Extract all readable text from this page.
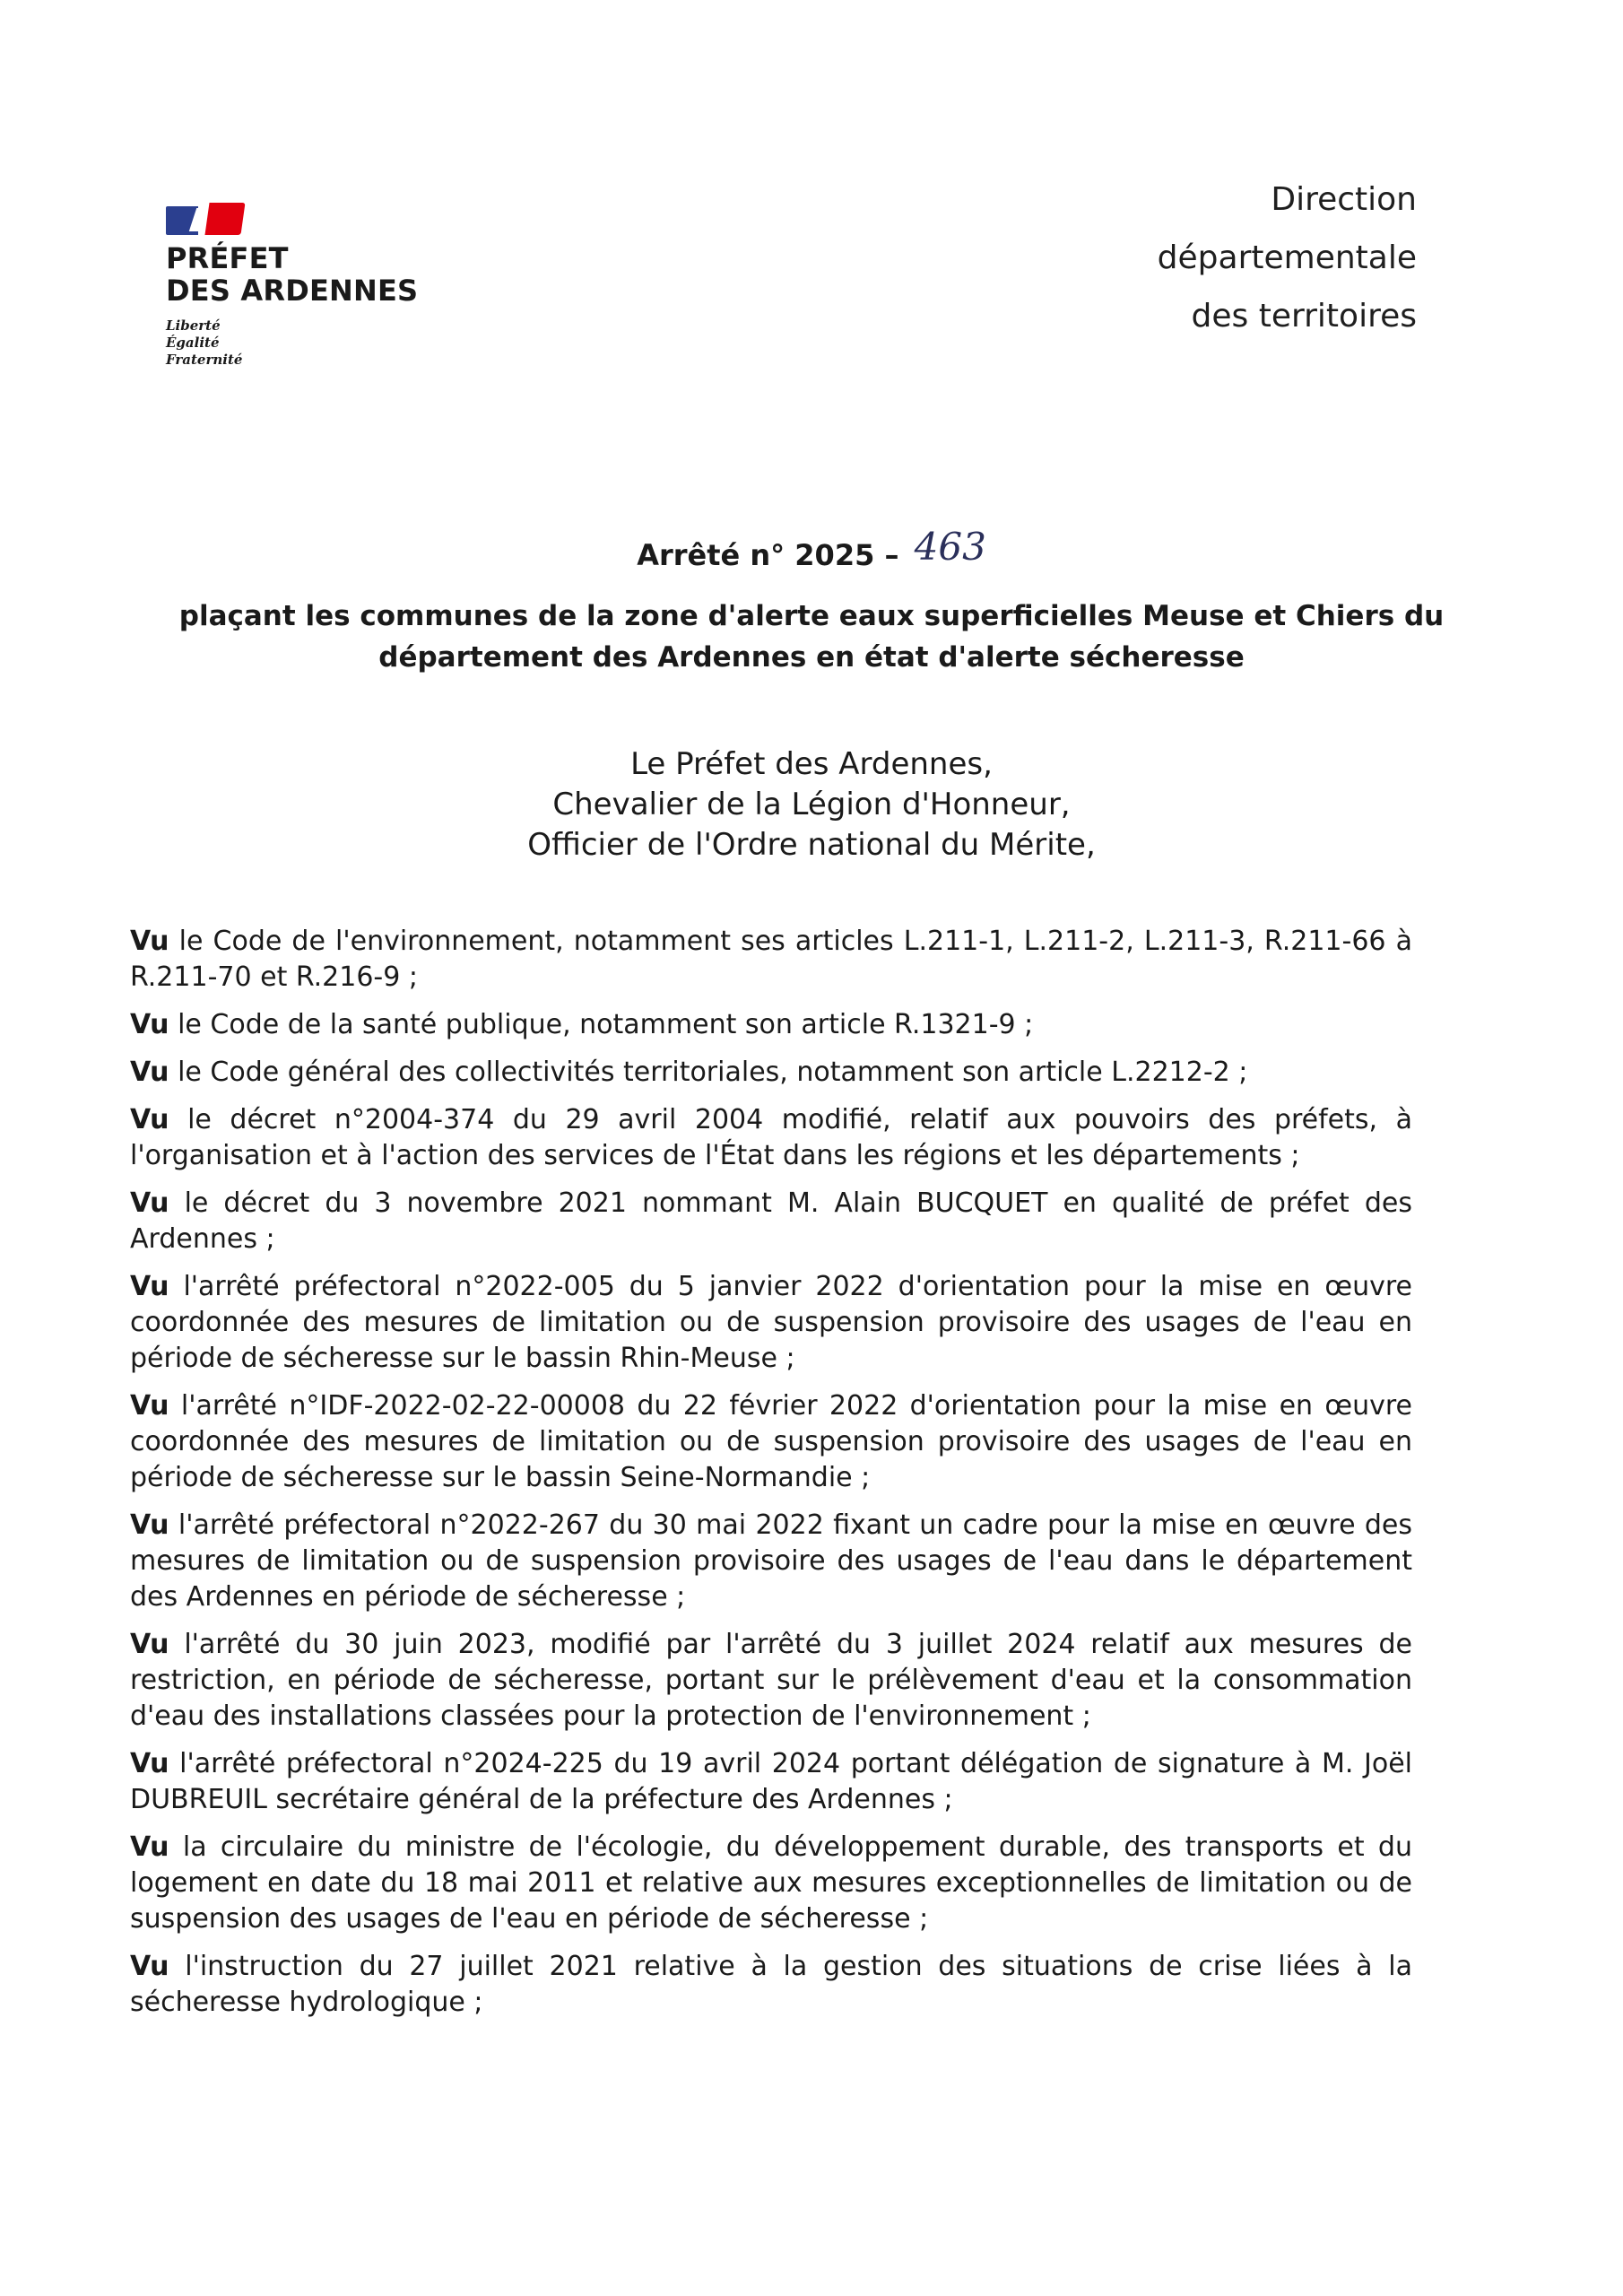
PRÉFET
DES ARDENNES
Liberté
Égalité
Fraternité
Direction
départementale
des territoires
Arrêté n° 2025 – 463
plaçant les communes de la zone d'alerte eaux superficielles Meuse et Chiers du département des Ardennes en état d'alerte sécheresse
Le Préfet des Ardennes,
Chevalier de la Légion d'Honneur,
Officier de l'Ordre national du Mérite,

Vu le Code de l'environnement, notamment ses articles L.211-1, L.211-2, L.211-3, R.211-66 à R.211-70 et R.216-9 ;

Vu le Code de la santé publique, notamment son article R.1321-9 ;

Vu le Code général des collectivités territoriales, notamment son article L.2212-2 ;

Vu le décret n°2004-374 du 29 avril 2004 modifié, relatif aux pouvoirs des préfets, à l'organisation et à l'action des services de l'État dans les régions et les départements ;

Vu le décret du 3 novembre 2021 nommant M. Alain BUCQUET en qualité de préfet des Ardennes ;

Vu l'arrêté préfectoral n°2022-005 du 5 janvier 2022 d'orientation pour la mise en œuvre coordonnée des mesures de limitation ou de suspension provisoire des usages de l'eau en période de sécheresse sur le bassin Rhin-Meuse ;

Vu l'arrêté n°IDF-2022-02-22-00008 du 22 février 2022 d'orientation pour la mise en œuvre coordonnée des mesures de limitation ou de suspension provisoire des usages de l'eau en période de sécheresse sur le bassin Seine-Normandie ;

Vu l'arrêté préfectoral n°2022-267 du 30 mai 2022 fixant un cadre pour la mise en œuvre des mesures de limitation ou de suspension provisoire des usages de l'eau dans le département des Ardennes en période de sécheresse ;

Vu l'arrêté du 30 juin 2023, modifié par l'arrêté du 3 juillet 2024 relatif aux mesures de restriction, en période de sécheresse, portant sur le prélèvement d'eau et la consommation d'eau des installations classées pour la protection de l'environnement ;

Vu l'arrêté préfectoral n°2024-225 du 19 avril 2024 portant délégation de signature à M. Joël DUBREUIL secrétaire général de la préfecture des Ardennes ;

Vu la circulaire du ministre de l'écologie, du développement durable, des transports et du logement en date du 18 mai 2011 et relative aux mesures exceptionnelles de limitation ou de suspension des usages de l'eau en période de sécheresse ;

Vu l'instruction du 27 juillet 2021 relative à la gestion des situations de crise liées à la sécheresse hydrologique ;
